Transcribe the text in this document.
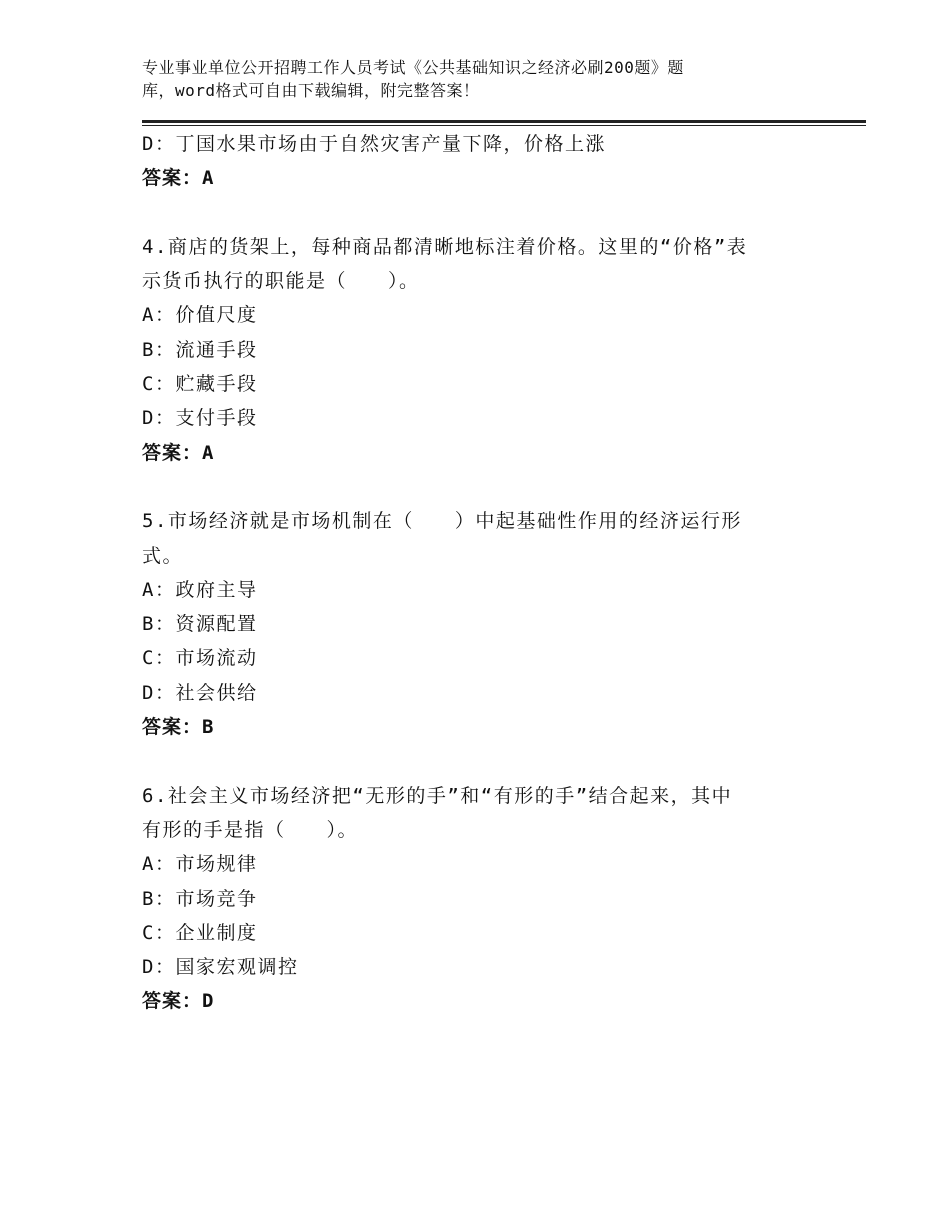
专业事业单位公开招聘工作人员考试《公共基础知识之经济必刷200题》题
库，word格式可自由下载编辑，附完整答案！
D：丁国水果市场由于自然灾害产量下降，价格上涨
答案：A
4.商店的货架上，每种商品都清晰地标注着价格。这里的“价格”表
示货币执行的职能是（　　）。
A：价值尺度
B：流通手段
C：贮藏手段
D：支付手段
答案：A
5.市场经济就是市场机制在（　　）中起基础性作用的经济运行形
式。
A：政府主导
B：资源配置
C：市场流动
D：社会供给
答案：B
6.社会主义市场经济把“无形的手”和“有形的手”结合起来，其中
有形的手是指（　　）。
A：市场规律
B：市场竞争
C：企业制度
D：国家宏观调控
答案：D
